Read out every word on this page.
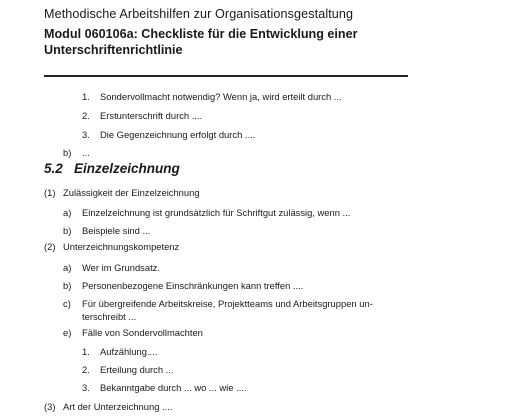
Methodische Arbeitshilfen zur Organisationsgestaltung

Modul 060106a: Checkliste für die Entwicklung einer
Unterschriftenrichtlinie

1. Sondervollmacht notwendig? Wenn ja, wird erteilt durch ...
2. Erstunterschrift durch ....
3. Die Gegenzeichnung erfolgt durch ....
b) ...
5.2 Einzelzeichnung
(1) Zulässigkeit der Einzelzeichnung
a) Einzelzeichnung ist grundsätzlich für Schriftgut zulässig, wenn ...
b) Beispiele sind ...
(2) Unterzeichnungskompetenz
a) Wer im Grundsatz.
b) Personenbezogene Einschränkungen kann treffen ....
c) Für übergreifende Arbeitskreise, Projektteams und Arbeitsgruppen un-
terschreibt ...
e) Fälle von Sondervollmachten
1. Aufzählung....
2. Erteilung durch ...
3. Bekanntgabe durch ... wo ... wie ....
(3) Art der Unterzeichnung ....
